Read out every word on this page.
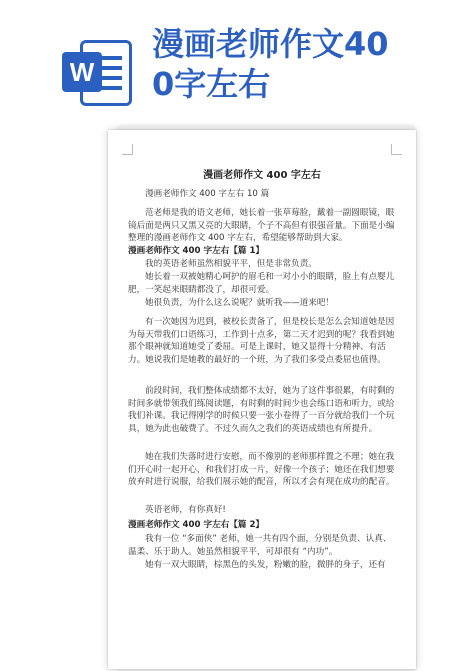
W
漫画老师作文40
0字左右
漫画老师作文 400 字左右
漫画老师作文 400 字左右 10 篇
范老师是我的语文老师，她长着一张草莓脸，戴着一副圆眼镜，眼镜后面是两只又黑又亮的大眼睛，个子不高但有很强音量。下面是小编整理的漫画老师作文 400 字左右，希望能够帮助到大家。
漫画老师作文 400 字左右【篇 1】
我的英语老师虽然相貌平平，但是非常负责。
她长着一双被她精心呵护的眉毛和一对小小的眼睛，脸上有点婴儿肥，一笑起来眼睛都没了，却很可爱。
她很负责，为什么这么说呢？就听我——道来吧！
有一次她因为迟到，被校长责备了，但是校长是怎么会知道她是因为每天带我们口语练习，工作到十点多，第二天才迟到的呢？我看到她那个眼神就知道她受了委屈。可是上课时，她又显得十分精神、有活力。她说我们是她教的最好的一个班，为了我们多受点委屈也值得。
前段时间，我们整体成绩都不太好，她为了这件事很累，有时剩的时间多就带领我们练阅读题，有时剩的时间少也会练口语和听力，或给我们补课。我记得刚学的时候只要一张小卷得了一百分就给我们一个玩具，她为此也破费了。不过久而久之我们的英语成绩也有所提升。
她在我们失落时进行安慰，而不像别的老师那样置之不理；她在我们开心时一起开心，和我们打成一片，好像一个孩子；她还在我们想要放弃时进行说服，给我们展示她的配音，所以才会有现在成功的配音。
英语老师，有你真好!
漫画老师作文 400 字左右【篇 2】
我有一位 “多面侠” 老师，她一共有四个面，分别是负责、认真、温柔、乐于助人。她虽然相貌平平，可却很有 “内功”。
她有一双大眼睛，棕黑色的头发，粉嫩的脸，微胖的身子，还有
